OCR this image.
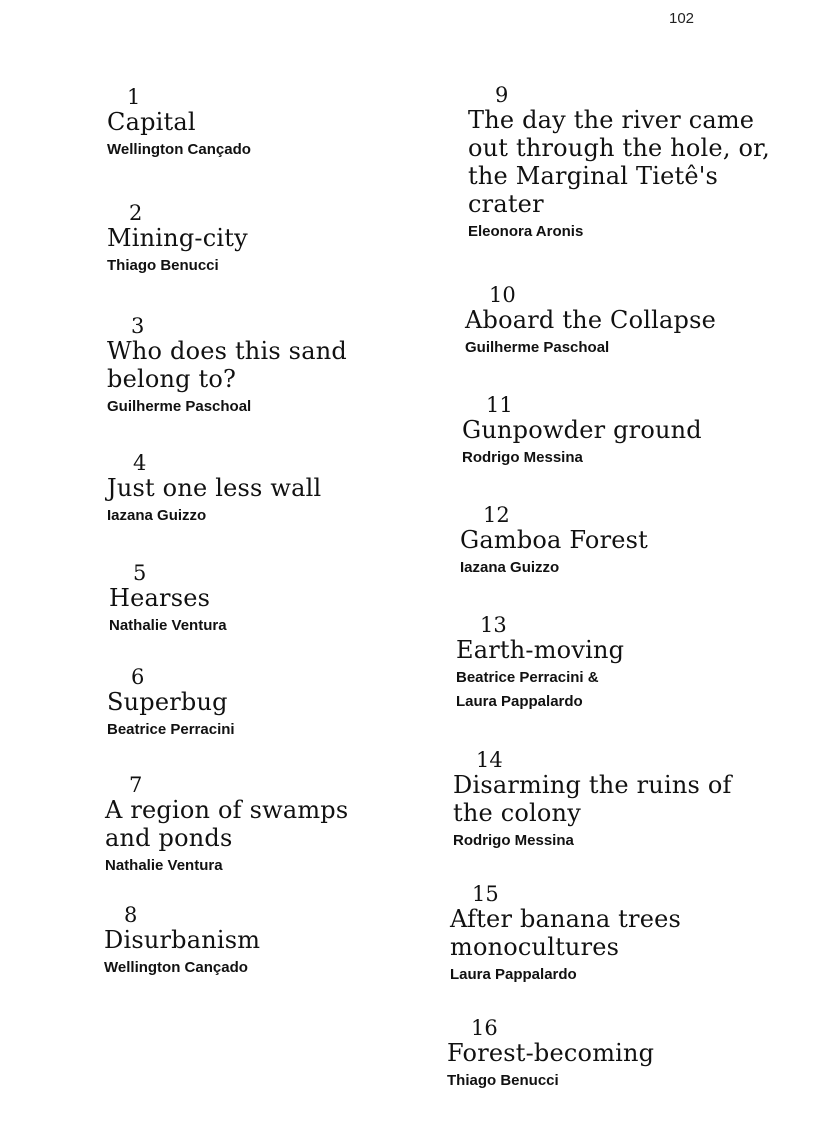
102
1
Capital
Wellington Cançado
2
Mining-city
Thiago Benucci
3
Who does this sand belong to?
Guilherme Paschoal
4
Just one less wall
Iazana Guizzo
5
Hearses
Nathalie Ventura
6
Superbug
Beatrice Perracini
7
A region of swamps and ponds
Nathalie Ventura
8
Disurbanism
Wellington Cançado
9
The day the river came out through the hole, or, the Marginal Tietê's crater
Eleonora Aronis
10
Aboard the Collapse
Guilherme Paschoal
11
Gunpowder ground
Rodrigo Messina
12
Gamboa Forest
Iazana Guizzo
13
Earth-moving
Beatrice Perracini & Laura Pappalardo
14
Disarming the ruins of the colony
Rodrigo Messina
15
After banana trees monocultures
Laura Pappalardo
16
Forest-becoming
Thiago Benucci
